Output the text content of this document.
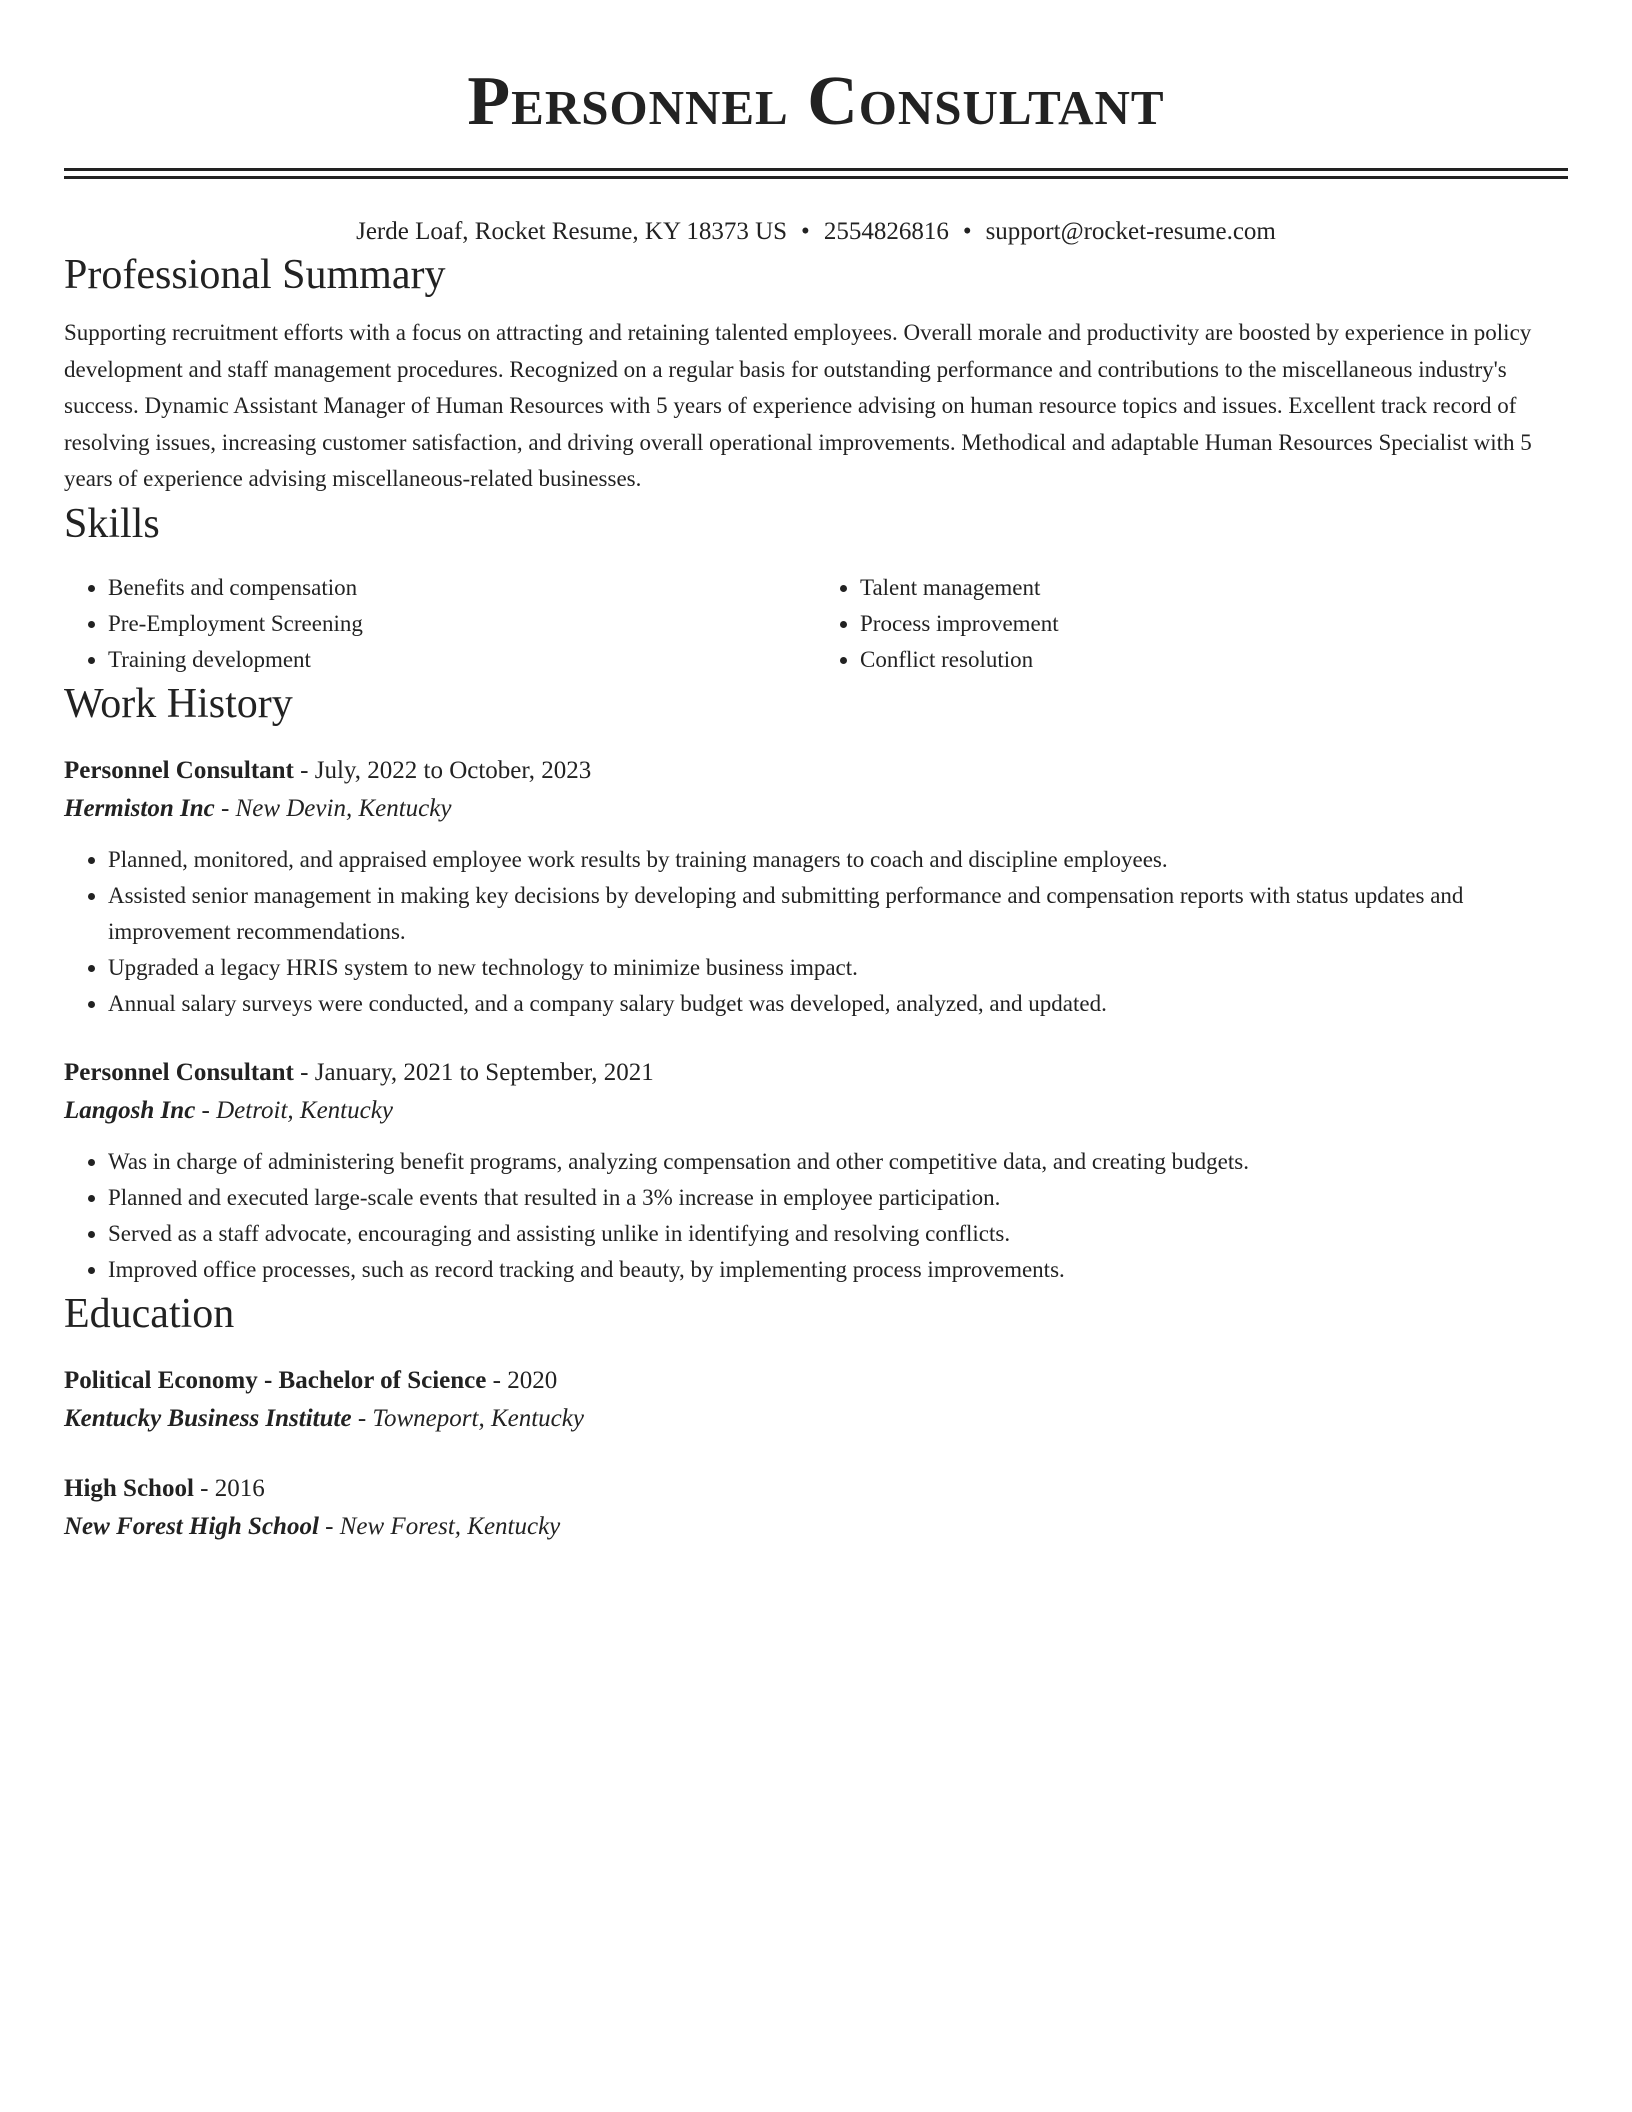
Personnel Consultant
Jerde Loaf, Rocket Resume, KY 18373 US • 2554826816 • support@rocket-resume.com
Professional Summary

Supporting recruitment efforts with a focus on attracting and retaining talented employees. Overall morale and productivity are boosted by experience in policy development and staff management procedures. Recognized on a regular basis for outstanding performance and contributions to the miscellaneous industry's success. Dynamic Assistant Manager of Human Resources with 5 years of experience advising on human resource topics and issues. Excellent track record of resolving issues, increasing customer satisfaction, and driving overall operational improvements. Methodical and adaptable Human Resources Specialist with 5 years of experience advising miscellaneous-related businesses.

Skills
• Benefits and compensation
• Pre-Employment Screening
• Training development
• Talent management
• Process improvement
• Conflict resolution
Work History
Personnel Consultant - July, 2022 to October, 2023
Hermiston Inc - New Devin, Kentucky
• Planned, monitored, and appraised employee work results by training managers to coach and discipline employees.
• Assisted senior management in making key decisions by developing and submitting performance and compensation reports with status updates and improvement recommendations.
• Upgraded a legacy HRIS system to new technology to minimize business impact.
• Annual salary surveys were conducted, and a company salary budget was developed, analyzed, and updated.
Personnel Consultant - January, 2021 to September, 2021
Langosh Inc - Detroit, Kentucky
• Was in charge of administering benefit programs, analyzing compensation and other competitive data, and creating budgets.
• Planned and executed large-scale events that resulted in a 3% increase in employee participation.
• Served as a staff advocate, encouraging and assisting unlike in identifying and resolving conflicts.
• Improved office processes, such as record tracking and beauty, by implementing process improvements.
Education
Political Economy - Bachelor of Science - 2020
Kentucky Business Institute - Towneport, Kentucky
High School - 2016
New Forest High School - New Forest, Kentucky
